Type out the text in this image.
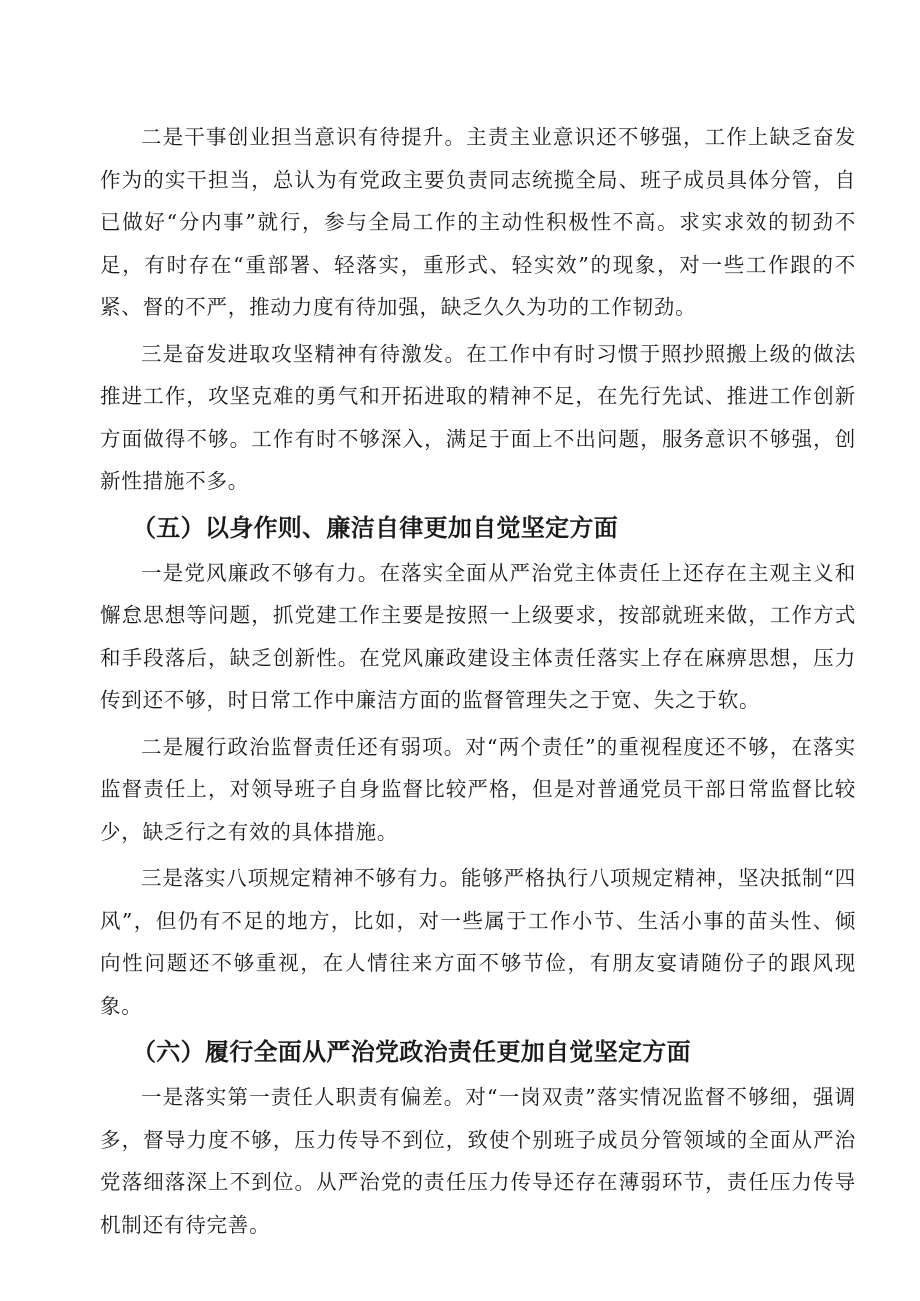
二是干事创业担当意识有待提升。主责主业意识还不够强，工作上缺乏奋发作为的实干担当，总认为有党政主要负责同志统揽全局、班子成员具体分管，自已做好“分内事”就行，参与全局工作的主动性积极性不高。求实求效的韧劲不足，有时存在“重部署、轻落实，重形式、轻实效”的现象，对一些工作跟的不紧、督的不严，推动力度有待加强，缺乏久久为功的工作韧劲。

三是奋发进取攻坚精神有待激发。在工作中有时习惯于照抄照搬上级的做法推进工作，攻坚克难的勇气和开拓进取的精神不足，在先行先试、推进工作创新方面做得不够。工作有时不够深入，满足于面上不出问题，服务意识不够强，创新性措施不多。

（五）以身作则、廉洁自律更加自觉坚定方面

一是党风廉政不够有力。在落实全面从严治党主体责任上还存在主观主义和懈怠思想等问题，抓党建工作主要是按照一上级要求，按部就班来做，工作方式和手段落后，缺乏创新性。在党风廉政建设主体责任落实上存在麻痹思想，压力传到还不够，时日常工作中廉洁方面的监督管理失之于宽、失之于软。

二是履行政治监督责任还有弱项。对“两个责任”的重视程度还不够，在落实监督责任上，对领导班子自身监督比较严格，但是对普通党员干部日常监督比较少，缺乏行之有效的具体措施。

三是落实八项规定精神不够有力。能够严格执行八项规定精神，坚决抵制“四风”，但仍有不足的地方，比如，对一些属于工作小节、生活小事的苗头性、倾向性问题还不够重视，在人情往来方面不够节俭，有朋友宴请随份子的跟风现象。

（六）履行全面从严治党政治责任更加自觉坚定方面

一是落实第一责任人职责有偏差。对“一岗双责”落实情况监督不够细，强调多，督导力度不够，压力传导不到位，致使个别班子成员分管领域的全面从严治党落细落深上不到位。从严治党的责任压力传导还存在薄弱环节，责任压力传导机制还有待完善。
